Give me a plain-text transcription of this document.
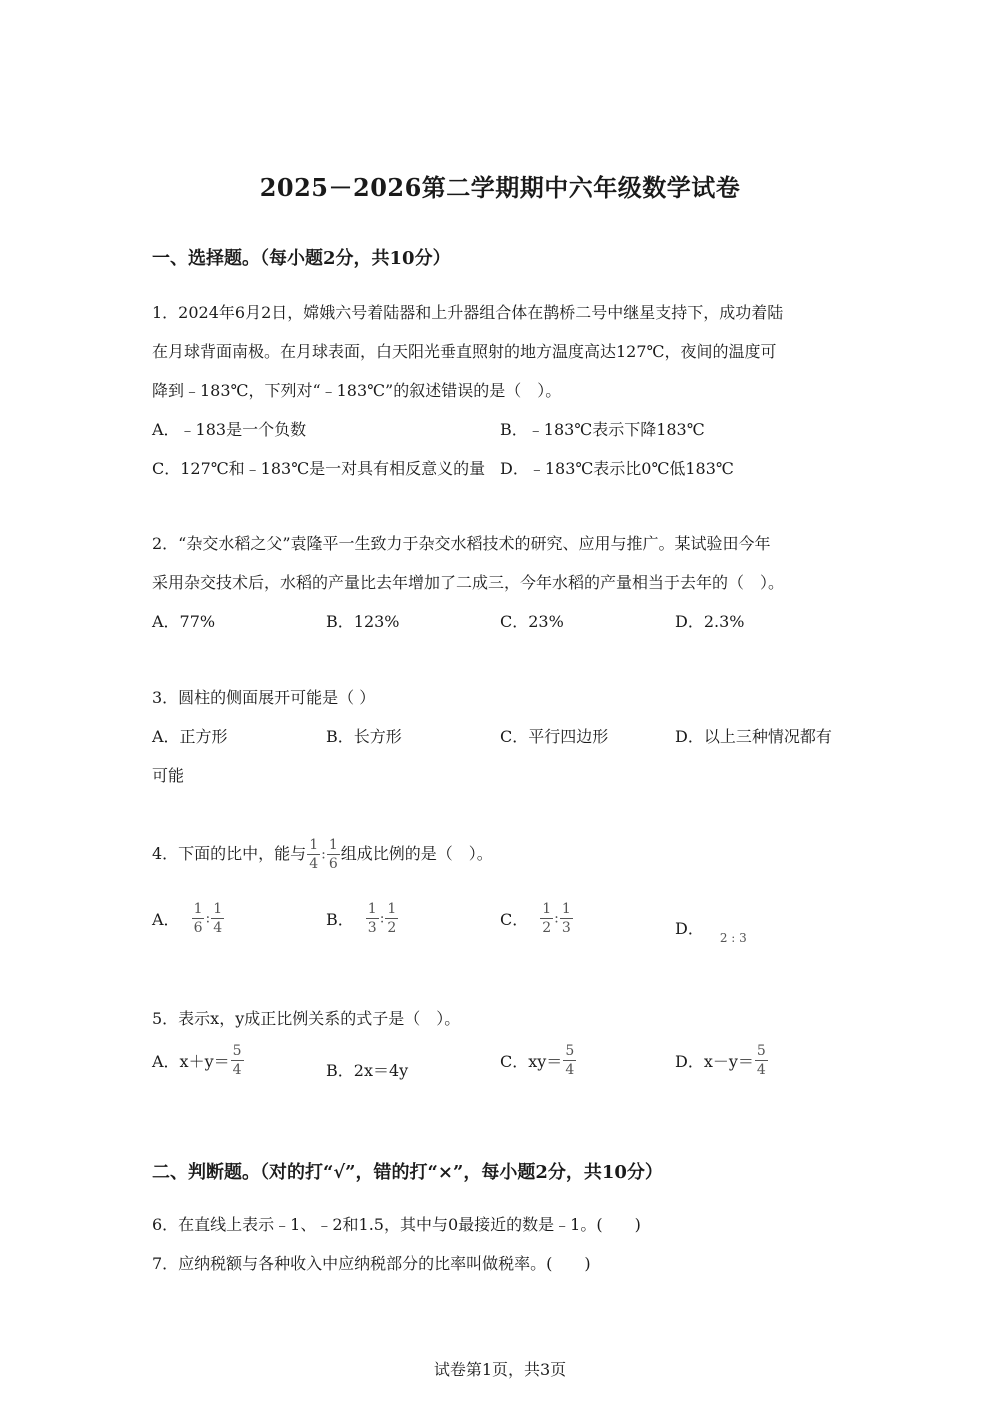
2025－2026第二学期期中六年级数学试卷
一、选择题。（每小题2分，共10分）
1．2024年6月2日，嫦娥六号着陆器和上升器组合体在鹊桥二号中继星支持下，成功着陆
在月球背面南极。在月球表面，白天阳光垂直照射的地方温度高达127℃，夜间的温度可
降到﹣183℃，下列对“﹣183℃”的叙述错误的是（　）。
A．﹣183是一个负数	B．﹣183℃表示下降183℃
C．127℃和﹣183℃是一对具有相反意义的量 D．﹣183℃表示比0℃低183℃
2．“杂交水稻之父”袁隆平一生致力于杂交水稻技术的研究、应用与推广。某试验田今年
采用杂交技术后，水稻的产量比去年增加了二成三，今年水稻的产量相当于去年的（　）。
A．77%	B．123%	C．23%	D．2.3%
3．圆柱的侧面展开可能是（ ）
A．正方形	B．长方形	C．平行四边形	D．以上三种情况都有
可能
4．下面的比中，能与 $\frac{1}{4}$ : $\frac{1}{6}$ 组成比例的是（　）。
A． $\frac{1}{6}$ : $\frac{1}{4}$	B． $\frac{1}{3}$ : $\frac{1}{2}$	C． $\frac{1}{2}$ : $\frac{1}{3}$	D． $_{2 : 3}$
5．表示x，y成正比例关系的式子是（　）。
A．$x+y= \frac{5}{4}$	B．2x＝4y	C．$xy= \frac{5}{4}$	D．$x-y= \frac{5}{4}$
二、判断题。（对的打“√”，错的打“×”，每小题2分，共10分）
6．在直线上表示﹣1、﹣2和1.5，其中与0最接近的数是﹣1。(　　)
7．应纳税额与各种收入中应纳税部分的比率叫做税率。(　　)
试卷第1页，共3页
